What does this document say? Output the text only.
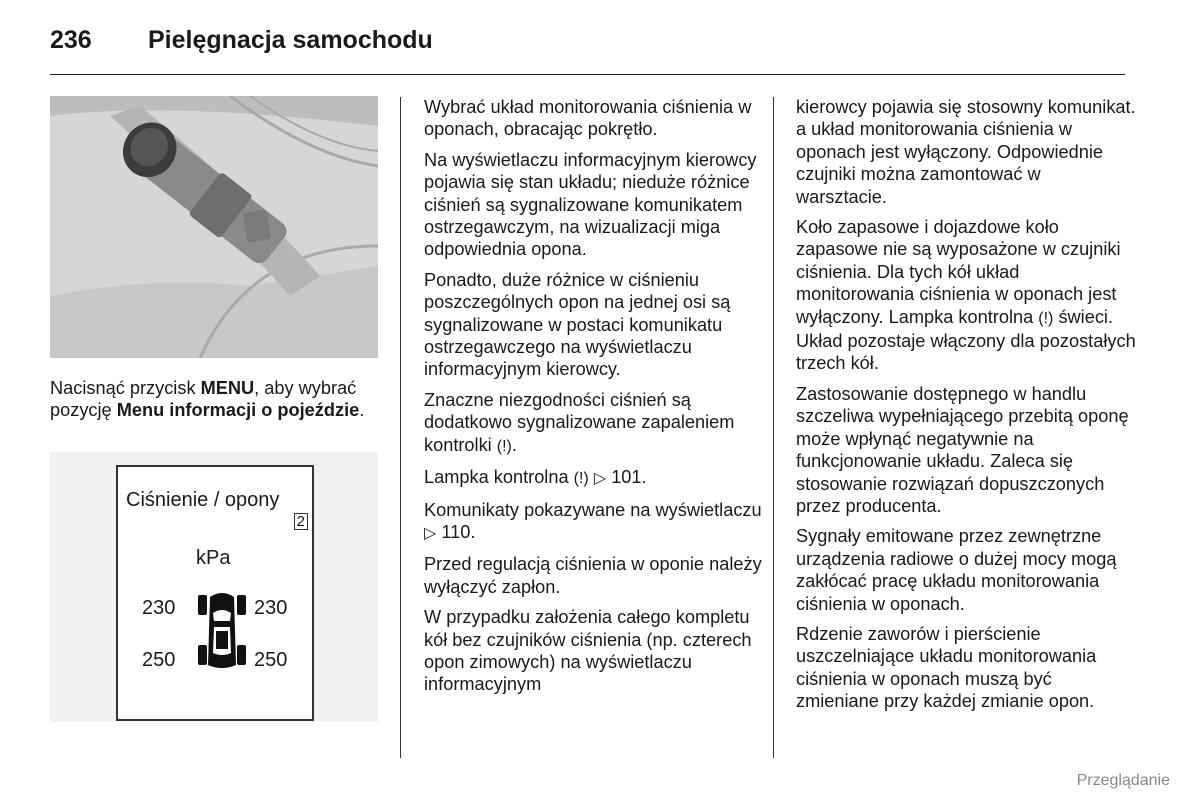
236 Pielęgnacja samochodu
Nacisnąć przycisk MENU, aby wybrać pozycję Menu informacji o pojeździe.
Ciśnienie / opony
2
kPa
230	230
250	250

Wybrać układ monitorowania ciśnienia w oponach, obracając pokrętło.

Na wyświetlaczu informacyjnym kierowcy pojawia się stan układu; nieduże różnice ciśnień są sygnalizowane komunikatem ostrzegawczym, na wizualizacji miga odpowiednia opona.

Ponadto, duże różnice w ciśnieniu poszczególnych opon na jednej osi są sygnalizowane w postaci komunikatu ostrzegawczego na wyświetlaczu informacyjnym kierowcy.

Znaczne niezgodności ciśnień są dodatkowo sygnalizowane zapaleniem kontrolki (!).

Lampka kontrolna (!) ▷ 101.

Komunikaty pokazywane na wyświetlaczu ▷ 110.

Przed regulacją ciśnienia w oponie należy wyłączyć zapłon.

W przypadku założenia całego kompletu kół bez czujników ciśnienia (np. czterech opon zimowych) na wyświetlaczu informacyjnym

kierowcy pojawia się stosowny komunikat. a układ monitorowania ciśnienia w oponach jest wyłączony. Odpowiednie czujniki można zamontować w warsztacie.

Koło zapasowe i dojazdowe koło zapasowe nie są wyposażone w czujniki ciśnienia. Dla tych kół układ monitorowania ciśnienia w oponach jest wyłączony. Lampka kontrolna (!) świeci. Układ pozostaje włączony dla pozostałych trzech kół.

Zastosowanie dostępnego w handlu szczeliwa wypełniającego przebitą oponę może wpłynąć negatywnie na funkcjonowanie układu. Zaleca się stosowanie rozwiązań dopuszczonych przez producenta.

Sygnały emitowane przez zewnętrzne urządzenia radiowe o dużej mocy mogą zakłócać pracę układu monitorowania ciśnienia w oponach.

Rdzenie zaworów i pierścienie uszczelniające układu monitorowania ciśnienia w oponach muszą być zmieniane przy każdej zmianie opon.

Przeglądanie
